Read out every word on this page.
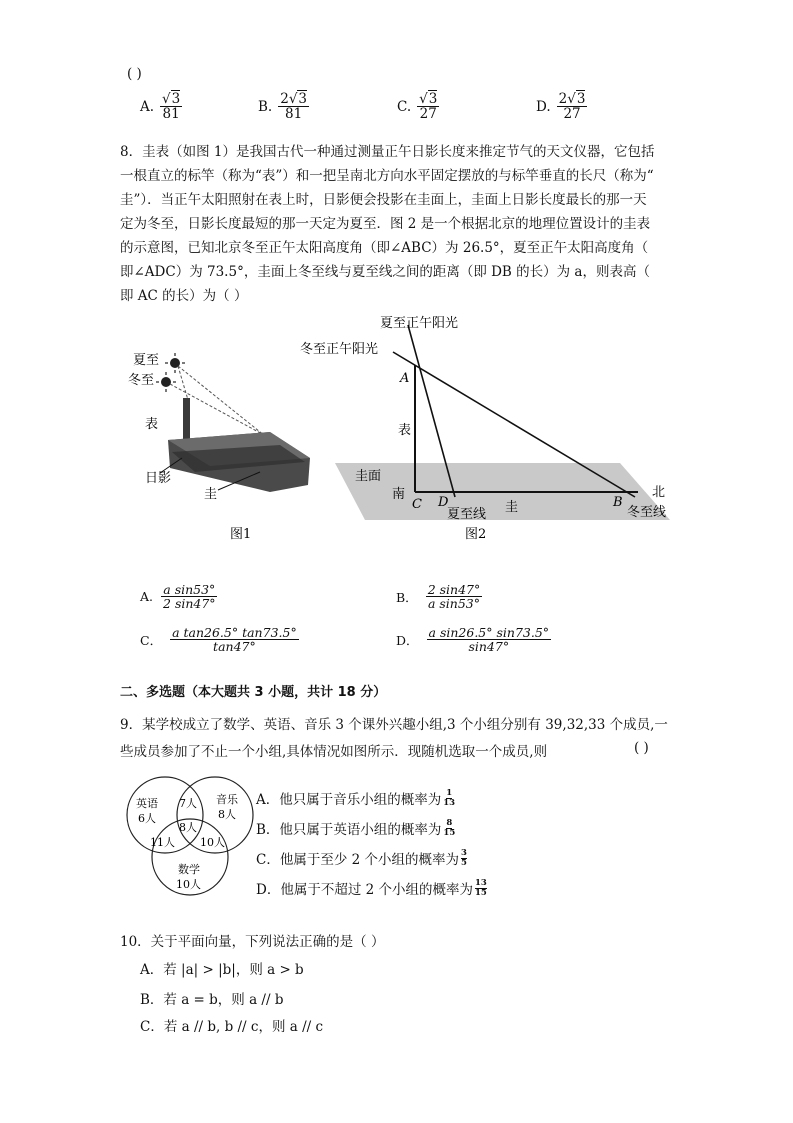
( )
A. $\frac{√3}{81}$	B. $\frac{2√3}{81}$	C. $\frac{√3}{27}$	D. $\frac{2√3}{27}$
8．圭表（如图 1）是我国古代一种通过测量正午日影长度来推定节气的天文仪器，它包括
一根直立的标竿（称为“表”）和一把呈南北方向水平固定摆放的与标竿垂直的长尺（称为“
圭”）．当正午太阳照射在表上时，日影便会投影在圭面上，圭面上日影长度最长的那一天
定为冬至，日影长度最短的那一天定为夏至．图 2 是一个根据北京的地理位置设计的圭表
的示意图，已知北京冬至正午太阳高度角（即∠ABC）为 26.5°，夏至正午太阳高度角（
即∠ADC）为 73.5°，圭面上冬至线与夏至线之间的距离（即 DB 的长）为 a，则表高（
即 AC 的长）为（ ）
夏至
冬至
表
日影
圭
图1
夏至正午阳光
冬至正午阳光
A
表
圭面
南
C D
夏至线 圭	B
北
冬至线
图2
A. $\frac{\text{a sin53°}}{2 \sin 47^\circ}$	B． $\frac{2 \sin 47^\circ}{\text{a sin53°}}$
C． $\frac{\text{a tan26.5° tan73.5°}}{\tan 47^\circ}$	D． $\frac{\text{a sin26.5° sin73.5°}}{\sin 47^\circ}$
二、多选题（本大题共 3 小题，共计 18 分）
9．某学校成立了数学、英语、音乐 3 个课外兴趣小组,3 个小组分别有 39,32,33 个成员,一
些成员参加了不止一个小组,具体情况如图所示．现随机选取一个成员,则	( )
英语
6人
音乐
8人
7人
8人
11人 10人
数学
10人
A．他只属于音乐小组的概率为 $\frac{1}{13}$
B．他只属于英语小组的概率为 $\frac{8}{15}$
C．他属于至少 2 个小组的概率为 $\frac{3}{5}$
D．他属于不超过 2 个小组的概率为 $\frac{13}{15}$
10．关于平面向量，下列说法正确的是（ ）
A．若 |a| > |b|，则 a > b
B．若 a = b，则 a // b
C．若 a // b, b // c，则 a // c
